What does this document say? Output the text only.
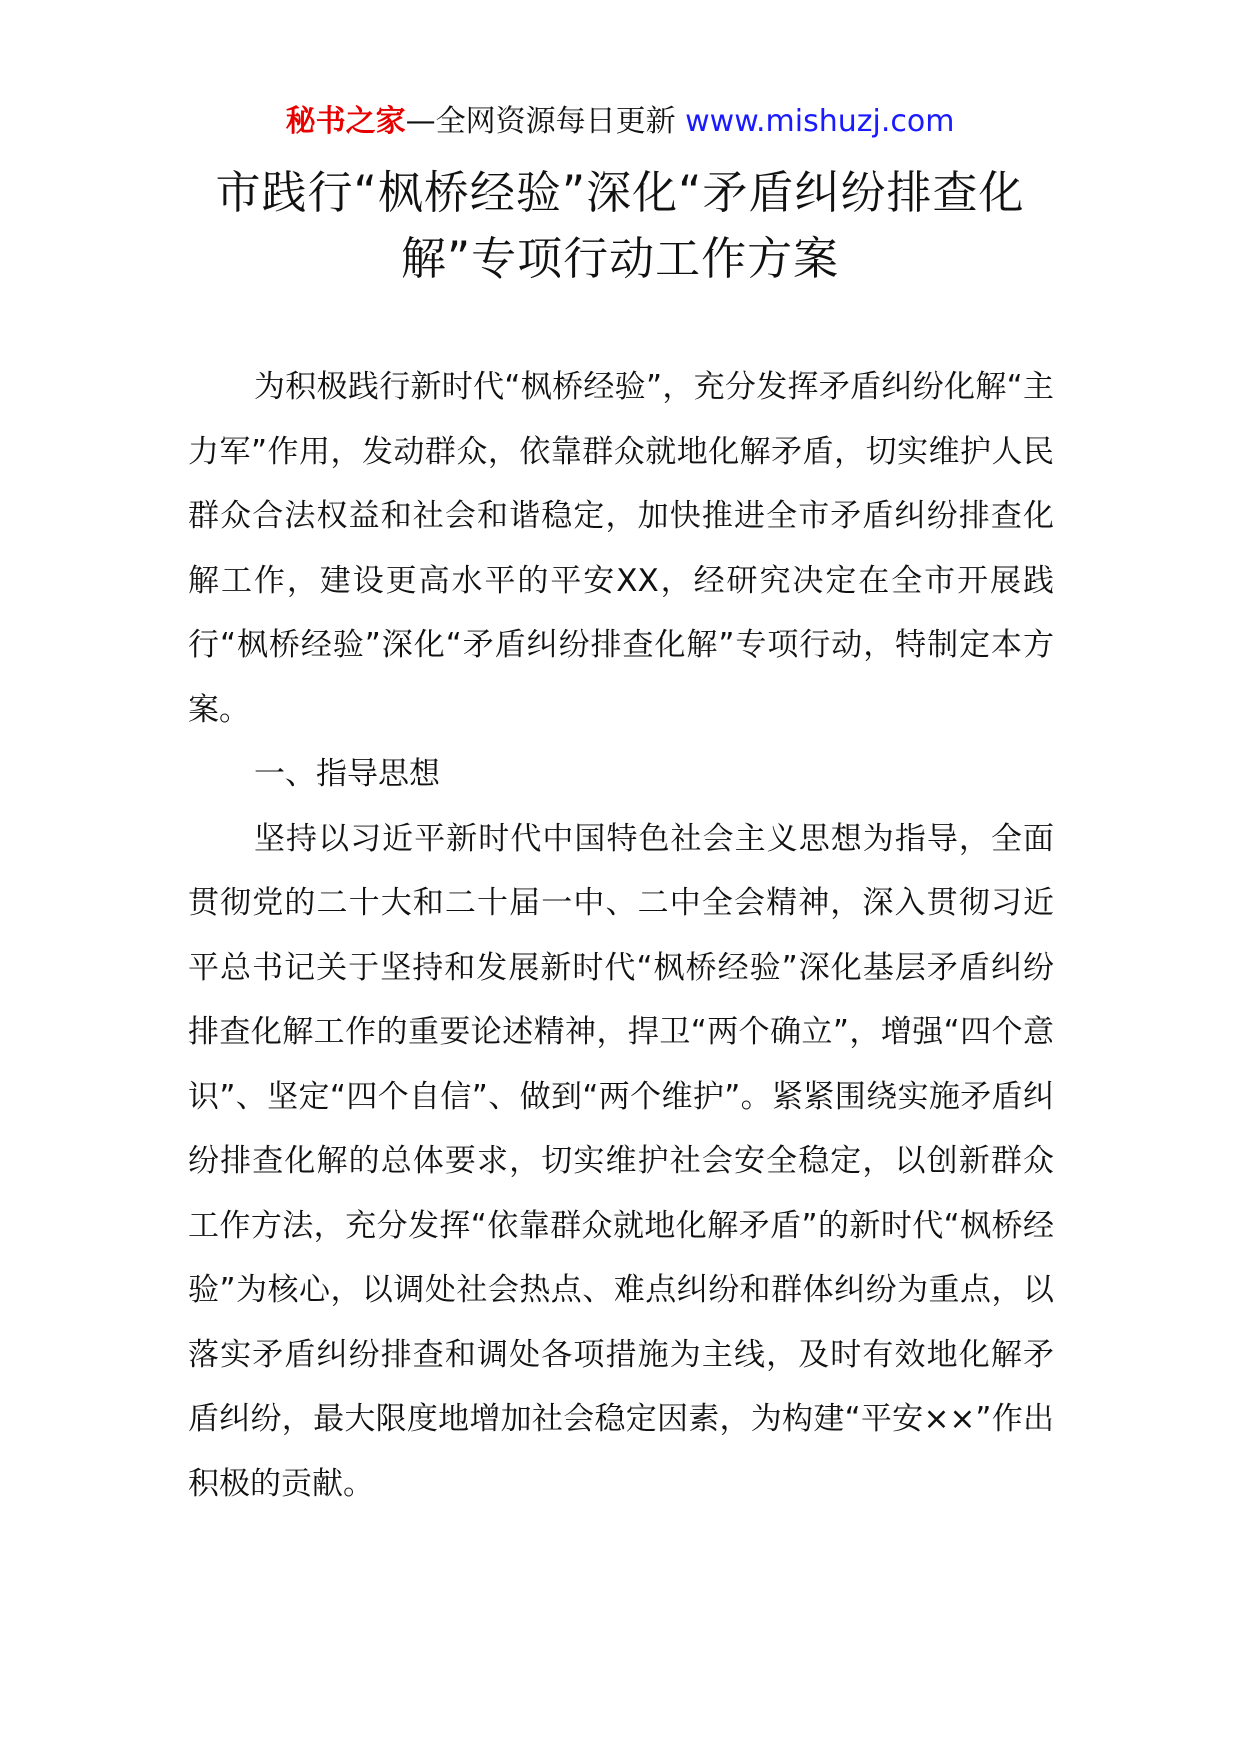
秘书之家—全网资源每日更新 www.mishuzj.com
市践行“枫桥经验”深化“矛盾纠纷排查化解”专项行动工作方案

为积极践行新时代“枫桥经验”，充分发挥矛盾纠纷化解“主力军”作用，发动群众，依靠群众就地化解矛盾，切实维护人民群众合法权益和社会和谐稳定，加快推进全市矛盾纠纷排查化解工作，建设更高水平的平安XX，经研究决定在全市开展践行“枫桥经验”深化“矛盾纠纷排查化解”专项行动，特制定本方案。

一、指导思想

坚持以习近平新时代中国特色社会主义思想为指导，全面贯彻党的二十大和二十届一中、二中全会精神，深入贯彻习近平总书记关于坚持和发展新时代“枫桥经验”深化基层矛盾纠纷排查化解工作的重要论述精神，捍卫“两个确立”，增强“四个意识”、坚定“四个自信”、做到“两个维护”。紧紧围绕实施矛盾纠纷排查化解的总体要求，切实维护社会安全稳定，以创新群众工作方法，充分发挥“依靠群众就地化解矛盾”的新时代“枫桥经验”为核心，以调处社会热点、难点纠纷和群体纠纷为重点，以落实矛盾纠纷排查和调处各项措施为主线，及时有效地化解矛盾纠纷，最大限度地增加社会稳定因素，为构建“平安××”作出积极的贡献。
